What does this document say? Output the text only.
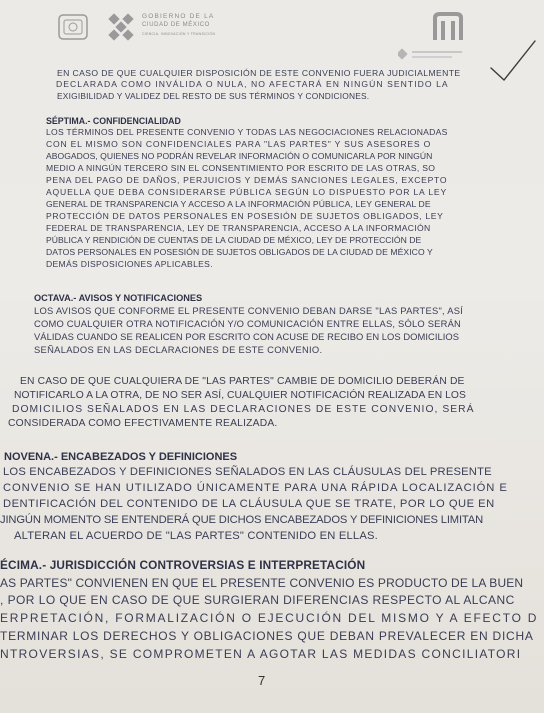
GOBIERNO DE LA
CIUDAD DE MÉXICO
CIENCIA, INNOVACIÓN Y TRANSICIÓN
EN CASO DE QUE CUALQUIER DISPOSICIÓN DE ESTE CONVENIO FUERA JUDICIALMENTE
DECLARADA COMO INVÁLIDA O NULA, NO AFECTARÁ EN NINGÚN SENTIDO LA
EXIGIBILIDAD Y VALIDEZ DEL RESTO DE SUS TÉRMINOS Y CONDICIONES.
SÉPTIMA.- CONFIDENCIALIDAD
LOS TÉRMINOS DEL PRESENTE CONVENIO Y TODAS LAS NEGOCIACIONES RELACIONADAS
CON EL MISMO SON CONFIDENCIALES PARA "LAS PARTES" Y SUS ASESORES O
ABOGADOS, QUIENES NO PODRÁN REVELAR INFORMACIÓN O COMUNICARLA POR NINGÚN
MEDIO A NINGÚN TERCERO SIN EL CONSENTIMIENTO POR ESCRITO DE LAS OTRAS, SO
PENA DEL PAGO DE DAÑOS, PERJUICIOS Y DEMÁS SANCIONES LEGALES, EXCEPTO
AQUELLA QUE DEBA CONSIDERARSE PÚBLICA SEGÚN LO DISPUESTO POR LA LEY
GENERAL DE TRANSPARENCIA Y ACCESO A LA INFORMACIÓN PÚBLICA, LEY GENERAL DE
PROTECCIÓN DE DATOS PERSONALES EN POSESIÓN DE SUJETOS OBLIGADOS, LEY
FEDERAL DE TRANSPARENCIA, LEY DE TRANSPARENCIA, ACCESO A LA INFORMACIÓN
PÚBLICA Y RENDICIÓN DE CUENTAS DE LA CIUDAD DE MÉXICO, LEY DE PROTECCIÓN DE
DATOS PERSONALES EN POSESIÓN DE SUJETOS OBLIGADOS DE LA CIUDAD DE MÉXICO Y
DEMÁS DISPOSICIONES APLICABLES.
OCTAVA.- AVISOS Y NOTIFICACIONES
LOS AVISOS QUE CONFORME EL PRESENTE CONVENIO DEBAN DARSE "LAS PARTES", ASÍ
COMO CUALQUIER OTRA NOTIFICACIÓN Y/O COMUNICACIÓN ENTRE ELLAS, SÓLO SERÁN
VÁLIDAS CUANDO SE REALICEN POR ESCRITO CON ACUSE DE RECIBO EN LOS DOMICILIOS
SEÑALADOS EN LAS DECLARACIONES DE ESTE CONVENIO.
EN CASO DE QUE CUALQUIERA DE "LAS PARTES" CAMBIE DE DOMICILIO DEBERÁN DE
NOTIFICARLO A LA OTRA, DE NO SER ASÍ, CUALQUIER NOTIFICACIÓN REALIZADA EN LOS
DOMICILIOS SEÑALADOS EN LAS DECLARACIONES DE ESTE CONVENIO, SERÁ
CONSIDERADA COMO EFECTIVAMENTE REALIZADA.
NOVENA.- ENCABEZADOS Y DEFINICIONES
LOS ENCABEZADOS Y DEFINICIONES SEÑALADOS EN LAS CLÁUSULAS DEL PRESENTE
CONVENIO SE HAN UTILIZADO ÚNICAMENTE PARA UNA RÁPIDA LOCALIZACIÓN E
DENTIFICACIÓN DEL CONTENIDO DE LA CLÁUSULA QUE SE TRATE, POR LO QUE EN
JINGÚN MOMENTO SE ENTENDERÁ QUE DICHOS ENCABEZADOS Y DEFINICIONES LIMITAN
ALTERAN EL ACUERDO DE "LAS PARTES" CONTENIDO EN ELLAS.
ÉCIMA.- JURISDICCIÓN CONTROVERSIAS E INTERPRETACIÓN
AS PARTES" CONVIENEN EN QUE EL PRESENTE CONVENIO ES PRODUCTO DE LA BUEN
, POR LO QUE EN CASO DE QUE SURGIERAN DIFERENCIAS RESPECTO AL ALCANC
ERPRETACIÓN, FORMALIZACIÓN O EJECUCIÓN DEL MISMO Y A EFECTO D
TERMINAR LOS DERECHOS Y OBLIGACIONES QUE DEBAN PREVALECER EN DICHA
NTROVERSIAS, SE COMPROMETEN A AGOTAR LAS MEDIDAS CONCILIATORI
7
